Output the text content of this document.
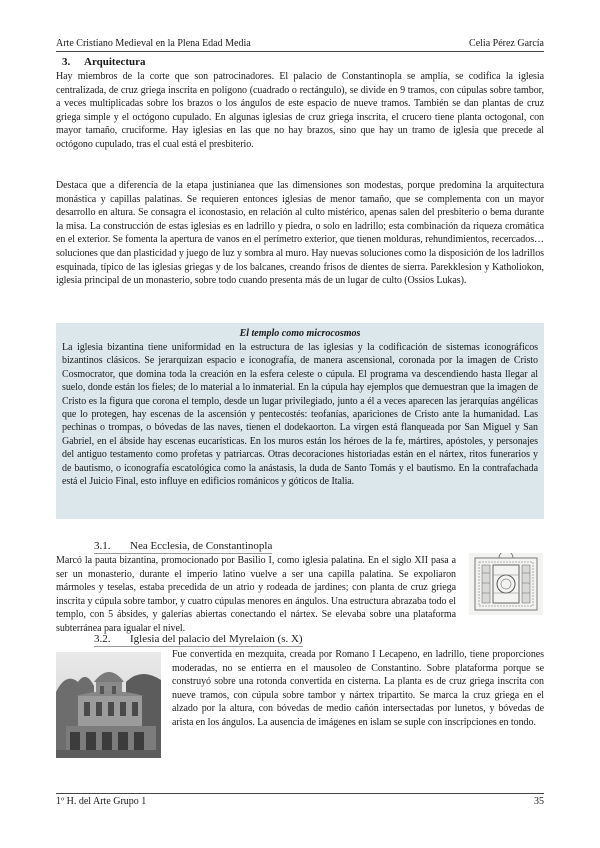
Arte Cristiano Medieval en la Plena Edad Media	Celia Pérez García
3. Arquitectura

Hay miembros de la corte que son patrocinadores. El palacio de Constantinopla se amplía, se codifica la iglesia centralizada, de cruz griega inscrita en polígono (cuadrado o rectángulo), se divide en 9 tramos, con cúpulas sobre tambor, a veces multiplicadas sobre los brazos o los ángulos de este espacio de nueve tramos. También se dan plantas de cruz griega simple y el octógono cupulado. En algunas iglesias de cruz griega inscrita, el crucero tiene planta octogonal, con mayor tamaño, cruciforme. Hay iglesias en las que no hay brazos, sino que hay un tramo de iglesia que precede al octógono cupulado, tras el cual está el presbiterio.

Destaca que a diferencia de la etapa justinianea que las dimensiones son modestas, porque predomina la arquitectura monástica y capillas palatinas. Se requieren entonces iglesias de menor tamaño, que se complementa con un mayor desarrollo en altura. Se consagra el iconostasio, en relación al culto mistérico, apenas salen del presbiterio o bema durante la misa. La construcción de estas iglesias es en ladrillo y piedra, o solo en ladrillo; esta combinación da riqueza cromática en el exterior. Se fomenta la apertura de vanos en el perímetro exterior, que tienen molduras, rehundimientos, recercados… soluciones que dan plasticidad y juego de luz y sombra al muro. Hay nuevas soluciones como la disposición de los ladrillos esquinada, típico de las iglesias griegas y de los balcanes, creando frisos de dientes de sierra. Parekklesion y Katholiokon, iglesia principal de un monasterio, sobre todo cuando presenta más de un lugar de culto (Ossios Lukas).

El templo como microcosmos

La iglesia bizantina tiene uniformidad en la estructura de las iglesias y la codificación de sistemas iconográficos bizantinos clásicos. Se jerarquizan espacio e iconografía, de manera ascensional, coronada por la imagen de Cristo Cosmocrator, que domina toda la creación en la esfera celeste o cúpula. El programa va descendiendo hasta llegar al suelo, donde están los fieles; de lo material a lo inmaterial. En la cúpula hay ejemplos que demuestran que la imagen de Cristo es la figura que corona el templo, desde un lugar privilegiado, junto a él a veces aparecen las jerarquías angélicas que lo protegen, hay escenas de la ascensión y pentecostés: teofanías, apariciones de Cristo ante la humanidad. Las pechinas o trompas, o bóvedas de las naves, tienen el dodekaorton. La virgen está flanqueada por San Miguel y San Gabriel, en el ábside hay escenas eucarísticas. En los muros están los héroes de la fe, mártires, apóstoles, y personajes del antiguo testamento como profetas y patriarcas. Otras decoraciones historiadas están en el nártex, ritos funerarios y de bautismo, o iconografía escatológica como la anástasis, la duda de Santo Tomás y el bautismo. En la contrafachada está el Juicio Final, esto influye en edificios románicos y góticos de Italia.

3.1. Nea Ecclesia, de Constantinopla

Marcó la pauta bizantina, promocionado por Basilio I, como iglesia palatina. En el siglo XII pasa a ser un monasterio, durante el imperio latino vuelve a ser una capilla palatina. Se expoliaron mármoles y teselas, estaba precedida de un atrio y rodeada de jardines; con planta de cruz griega inscrita y cúpula sobre tambor, y cuatro cúpulas menores en ángulos. Una estructura abrazaba todo el templo, con 5 ábsides, y galerías abiertas conectando el nártex. Se elevaba sobre una plataforma subterránea para igualar el nivel.

3.2. Iglesia del palacio del Myrelaion (s. X)

Fue convertida en mezquita, creada por Romano I Lecapeno, en ladrillo, tiene proporciones moderadas, no se entierra en el mausoleo de Constantino. Sobre plataforma porque se construyó sobre una rotonda convertida en cisterna. La planta es de cruz griega inscrita con nueve tramos, con cúpula sobre tambor y nártex tripartito. Se marca la cruz griega en el alzado por la altura, con bóvedas de medio cañón intersectadas por lunetos, y bóvedas de arista en los ángulos. La ausencia de imágenes en islam se suple con inscripciones en tondo.

1º H. del Arte Grupo 1	35
